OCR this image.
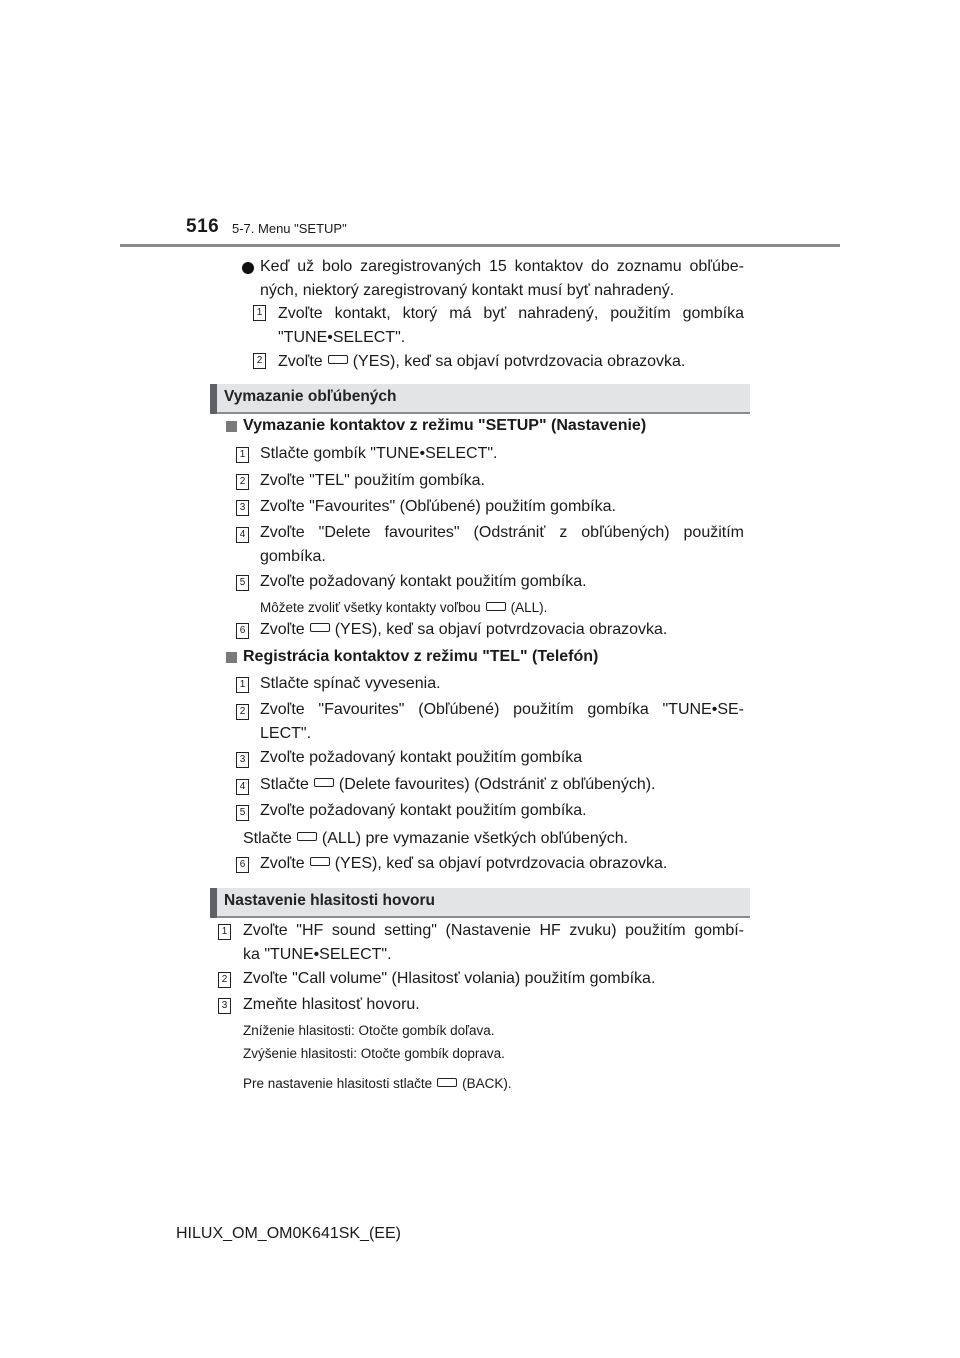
516 5-7. Menu "SETUP"
Keď už bolo zaregistrovaných 15 kontaktov do zoznamu obľúbe-
ných, niektorý zaregistrovaný kontakt musí byť nahradený.
1 Zvoľte kontakt, ktorý má byť nahradený, použitím gombíka
"TUNE•SELECT".
2 Zvoľte (YES), keď sa objaví potvrdzovacia obrazovka.
Vymazanie obľúbených
Vymazanie kontaktov z režimu "SETUP" (Nastavenie)
1 Stlačte gombík "TUNE•SELECT".
2 Zvoľte "TEL" použitím gombíka.
3 Zvoľte "Favourites" (Obľúbené) použitím gombíka.
4 Zvoľte "Delete favourites" (Odstrániť z obľúbených) použitím
gombíka.
5 Zvoľte požadovaný kontakt použitím gombíka.
Môžete zvoliť všetky kontakty voľbou (ALL).
6 Zvoľte (YES), keď sa objaví potvrdzovacia obrazovka.
Registrácia kontaktov z režimu "TEL" (Telefón)
1 Stlačte spínač vyvesenia.
2 Zvoľte "Favourites" (Obľúbené) použitím gombíka "TUNE•SE-
LECT".
3 Zvoľte požadovaný kontakt použitím gombíka
4 Stlačte (Delete favourites) (Odstrániť z obľúbených).
5 Zvoľte požadovaný kontakt použitím gombíka.
Stlačte (ALL) pre vymazanie všetkých obľúbených.
6 Zvoľte (YES), keď sa objaví potvrdzovacia obrazovka.
Nastavenie hlasitosti hovoru
1 Zvoľte "HF sound setting" (Nastavenie HF zvuku) použitím gombí-
ka "TUNE•SELECT".
2 Zvoľte "Call volume" (Hlasitosť volania) použitím gombíka.
3 Zmeňte hlasitosť hovoru.
Zníženie hlasitosti: Otočte gombík doľava.
Zvýšenie hlasitosti: Otočte gombík doprava.
Pre nastavenie hlasitosti stlačte (BACK).
HILUX_OM_OM0K641SK_(EE)
